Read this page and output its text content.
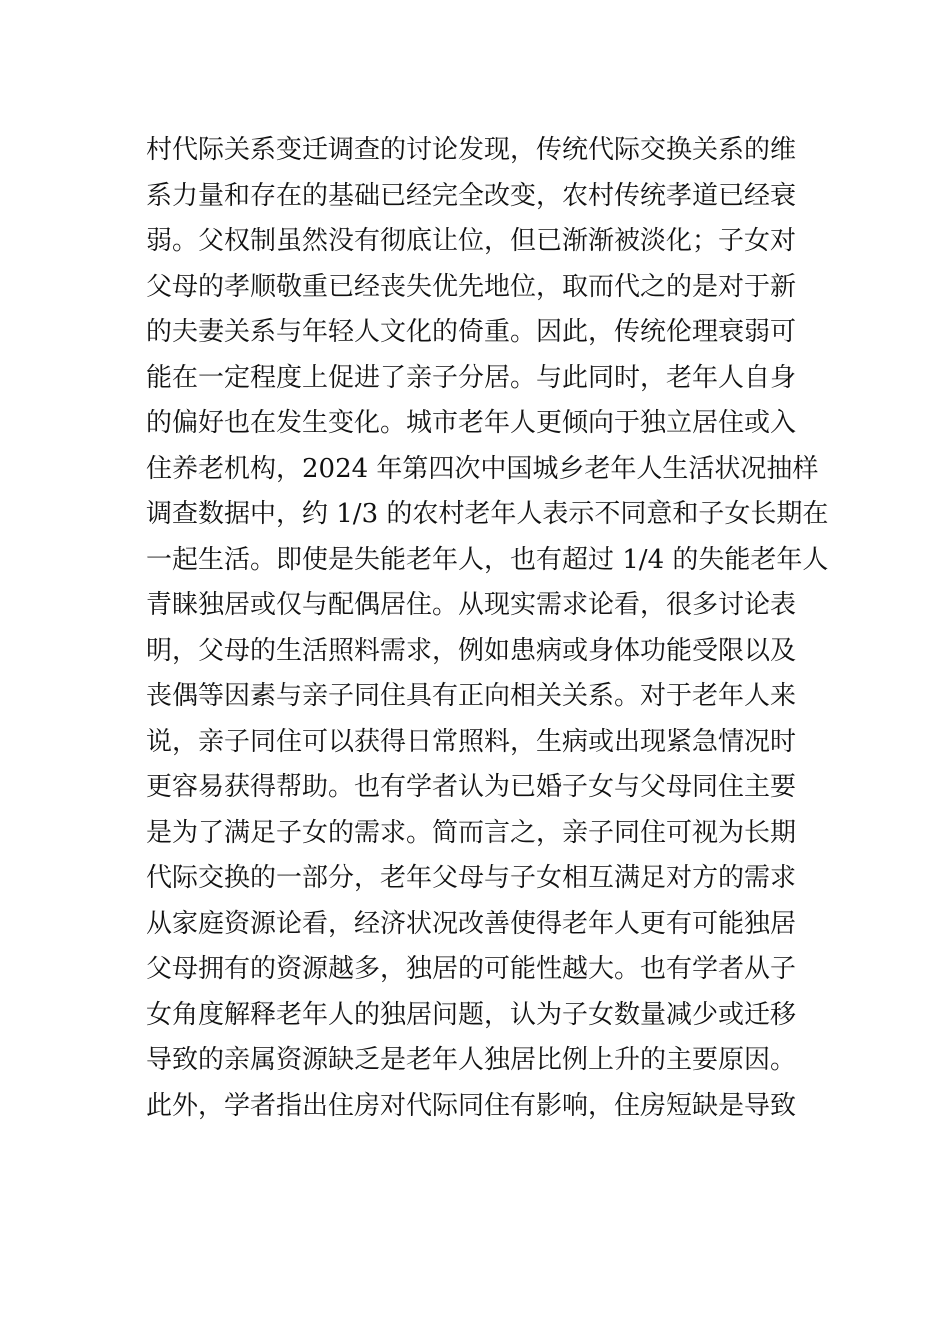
村代际关系变迁调查的讨论发现，传统代际交换关系的维
系力量和存在的基础已经完全改变，农村传统孝道已经衰
弱。父权制虽然没有彻底让位，但已渐渐被淡化；子女对
父母的孝顺敬重已经丧失优先地位，取而代之的是对于新
的夫妻关系与年轻人文化的倚重。因此，传统伦理衰弱可
能在一定程度上促进了亲子分居。与此同时，老年人自身
的偏好也在发生变化。城市老年人更倾向于独立居住或入
住养老机构，2024 年第四次中国城乡老年人生活状况抽样
调查数据中，约 1/3 的农村老年人表示不同意和子女长期在
一起生活。即使是失能老年人，也有超过 1/4 的失能老年人
青睐独居或仅与配偶居住。从现实需求论看，很多讨论表
明，父母的生活照料需求，例如患病或身体功能受限以及
丧偶等因素与亲子同住具有正向相关关系。对于老年人来
说，亲子同住可以获得日常照料，生病或出现紧急情况时
更容易获得帮助。也有学者认为已婚子女与父母同住主要
是为了满足子女的需求。简而言之，亲子同住可视为长期
代际交换的一部分，老年父母与子女相互满足对方的需求
从家庭资源论看，经济状况改善使得老年人更有可能独居
父母拥有的资源越多，独居的可能性越大。也有学者从子
女角度解释老年人的独居问题，认为子女数量减少或迁移
导致的亲属资源缺乏是老年人独居比例上升的主要原因。
此外，学者指出住房对代际同住有影响，住房短缺是导致
